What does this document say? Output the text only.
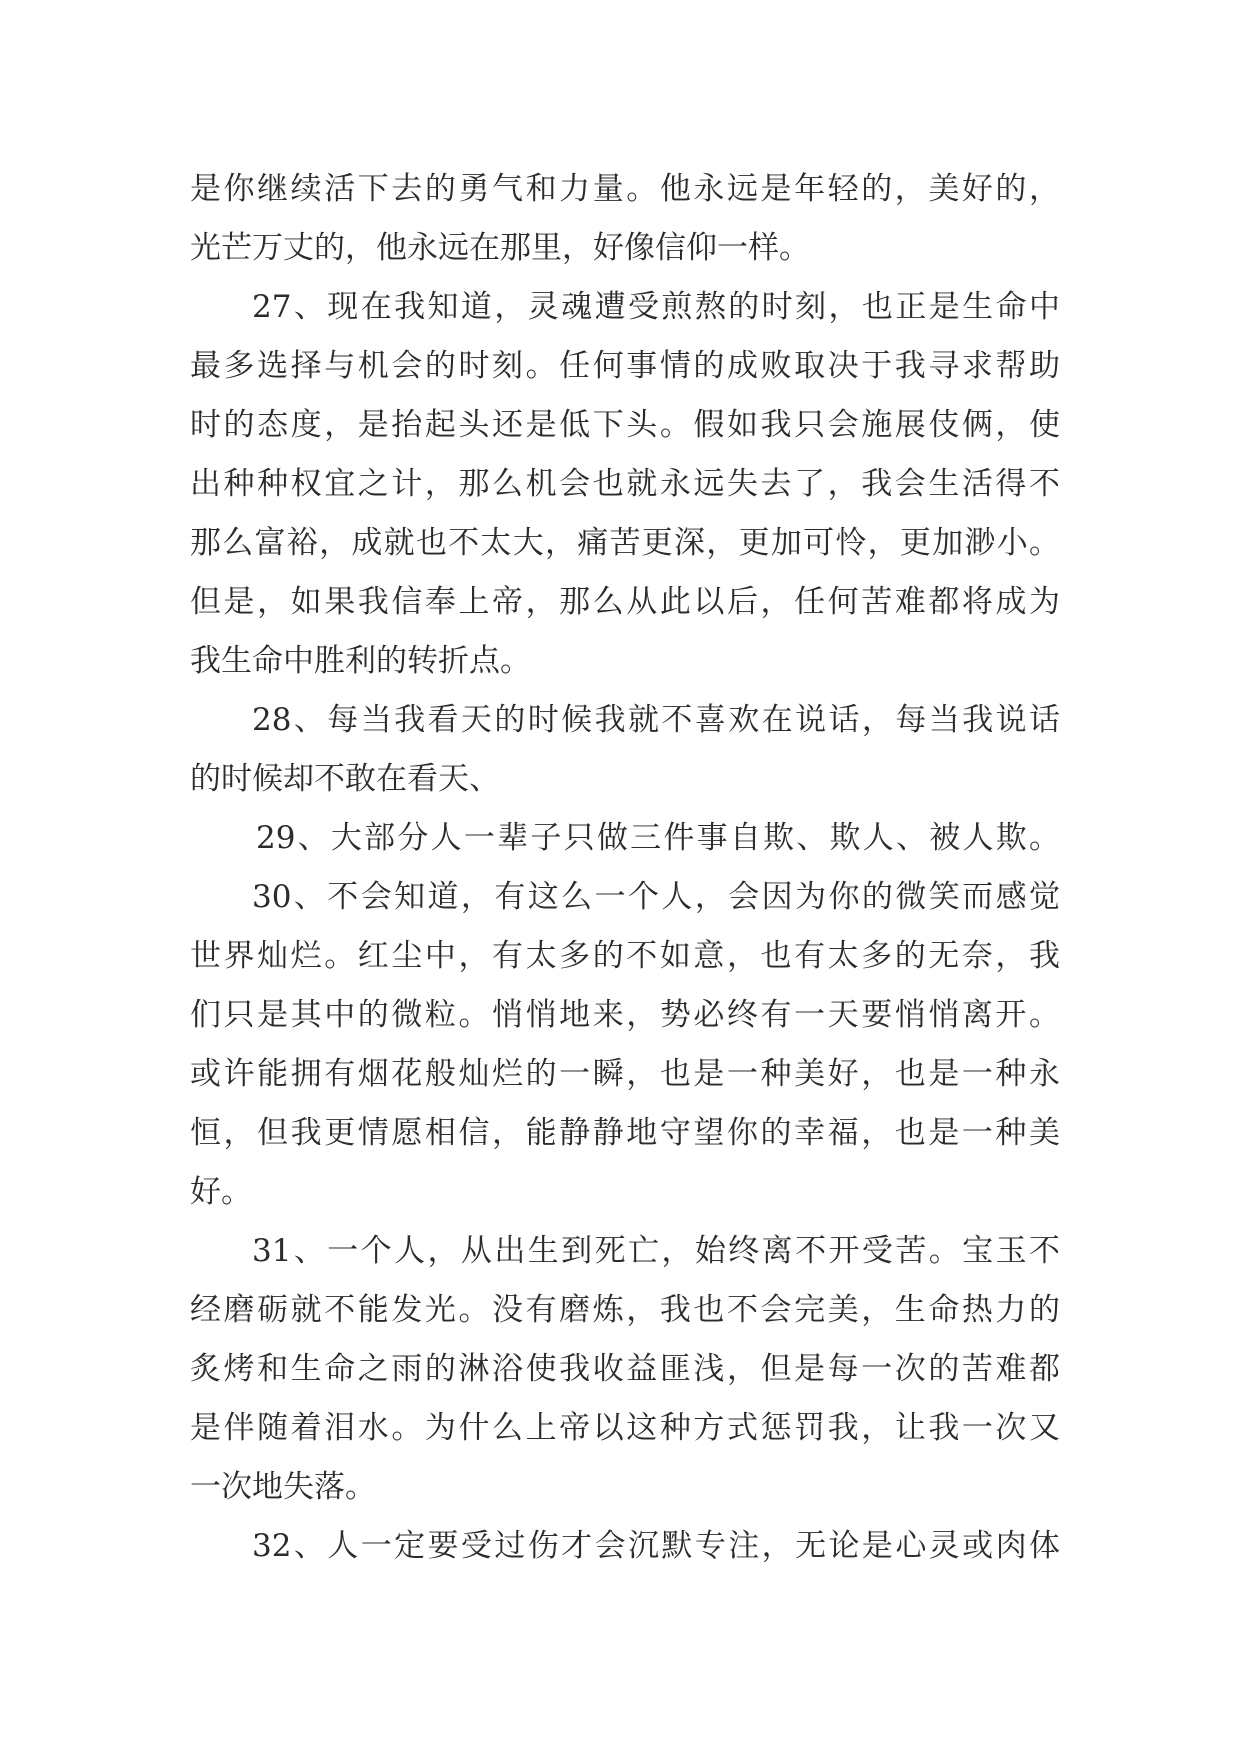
是你继续活下去的勇气和力量。他永远是年轻的，美好的，
光芒万丈的，他永远在那里，好像信仰一样。
27、现在我知道，灵魂遭受煎熬的时刻，也正是生命中
最多选择与机会的时刻。任何事情的成败取决于我寻求帮助
时的态度，是抬起头还是低下头。假如我只会施展伎俩，使
出种种权宜之计，那么机会也就永远失去了，我会生活得不
那么富裕，成就也不太大，痛苦更深，更加可怜，更加渺小。
但是，如果我信奉上帝，那么从此以后，任何苦难都将成为
我生命中胜利的转折点。
28、每当我看天的时候我就不喜欢在说话，每当我说话
的时候却不敢在看天、
29、大部分人一辈子只做三件事自欺、欺人、被人欺。
30、不会知道，有这么一个人，会因为你的微笑而感觉
世界灿烂。红尘中，有太多的不如意，也有太多的无奈，我
们只是其中的微粒。悄悄地来，势必终有一天要悄悄离开。
或许能拥有烟花般灿烂的一瞬，也是一种美好，也是一种永
恒，但我更情愿相信，能静静地守望你的幸福，也是一种美
好。
31、一个人，从出生到死亡，始终离不开受苦。宝玉不
经磨砺就不能发光。没有磨炼，我也不会完美，生命热力的
炙烤和生命之雨的淋浴使我收益匪浅，但是每一次的苦难都
是伴随着泪水。为什么上帝以这种方式惩罚我，让我一次又
一次地失落。
32、人一定要受过伤才会沉默专注，无论是心灵或肉体
